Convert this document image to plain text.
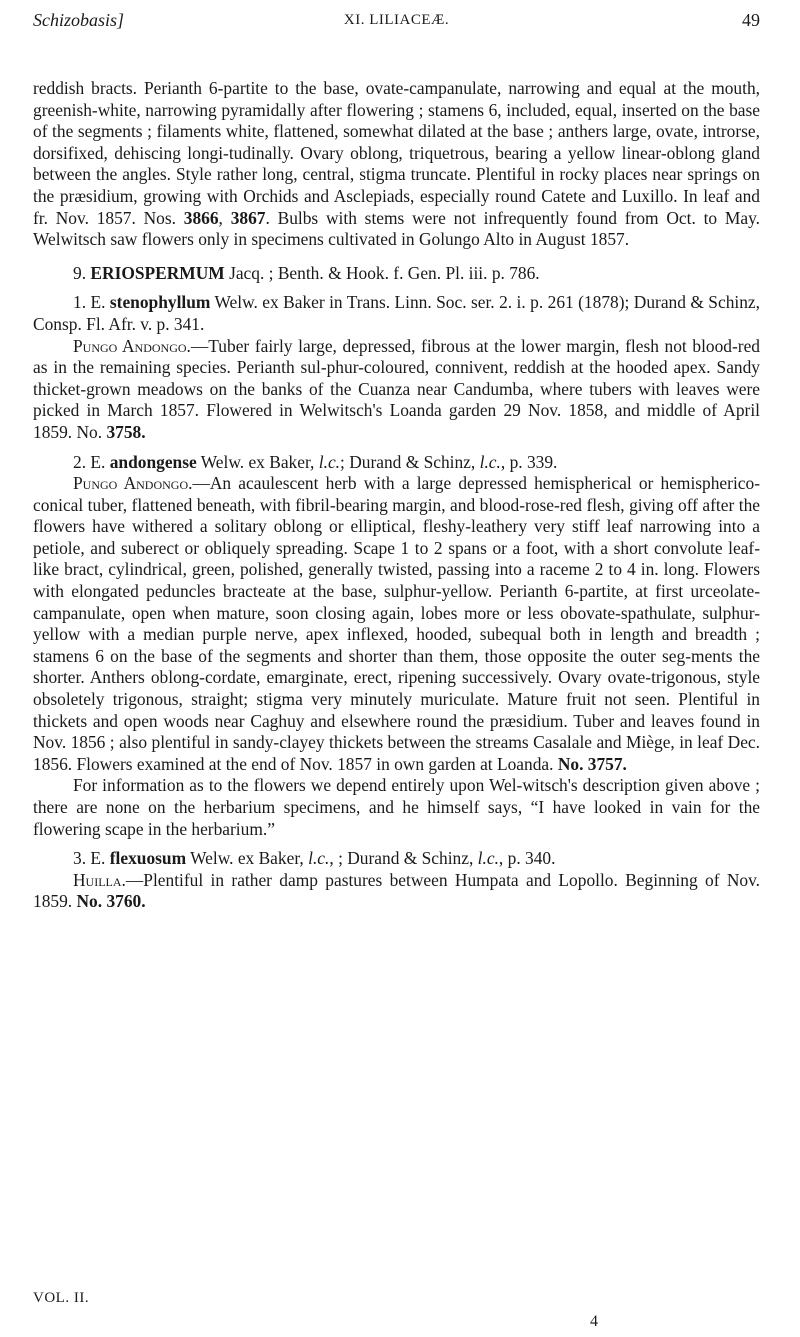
Schizobasis]	XI. LILIACEÆ.	49

reddish bracts. Perianth 6-partite to the base, ovate-campanulate, narrowing and equal at the mouth, greenish-white, narrowing pyramidally after flowering ; stamens 6, included, equal, inserted on the base of the segments ; filaments white, flattened, somewhat dilated at the base ; anthers large, ovate, introrse, dorsifixed, dehiscing longi-tudinally. Ovary oblong, triquetrous, bearing a yellow linear-oblong gland between the angles. Style rather long, central, stigma truncate. Plentiful in rocky places near springs on the præsidium, growing with Orchids and Asclepiads, especially round Catete and Luxillo. In leaf and fr. Nov. 1857. Nos. 3866, 3867. Bulbs with stems were not infrequently found from Oct. to May. Welwitsch saw flowers only in specimens cultivated in Golungo Alto in August 1857.

9. ERIOSPERMUM Jacq. ; Benth. & Hook. f. Gen. Pl. iii. p. 786.

1. E. stenophyllum Welw. ex Baker in Trans. Linn. Soc. ser. 2. i. p. 261 (1878); Durand & Schinz, Consp. Fl. Afr. v. p. 341.

Pungo Andongo.—Tuber fairly large, depressed, fibrous at the lower margin, flesh not blood-red as in the remaining species. Perianth sul-phur-coloured, connivent, reddish at the hooded apex. Sandy thicket-grown meadows on the banks of the Cuanza near Candumba, where tubers with leaves were picked in March 1857. Flowered in Welwitsch's Loanda garden 29 Nov. 1858, and middle of April 1859. No. 3758.

2. E. andongense Welw. ex Baker, l.c.; Durand & Schinz, l.c., p. 339.

Pungo Andongo.—An acaulescent herb with a large depressed hemispherical or hemispherico-conical tuber, flattened beneath, with fibril-bearing margin, and blood-rose-red flesh, giving off after the flowers have withered a solitary oblong or elliptical, fleshy-leathery very stiff leaf narrowing into a petiole, and suberect or obliquely spreading. Scape 1 to 2 spans or a foot, with a short convolute leaf-like bract, cylindrical, green, polished, generally twisted, passing into a raceme 2 to 4 in. long. Flowers with elongated peduncles bracteate at the base, sulphur-yellow. Perianth 6-partite, at first urceolate-campanulate, open when mature, soon closing again, lobes more or less obovate-spathulate, sulphur-yellow with a median purple nerve, apex inflexed, hooded, subequal both in length and breadth ; stamens 6 on the base of the segments and shorter than them, those opposite the outer seg-ments the shorter. Anthers oblong-cordate, emarginate, erect, ripening successively. Ovary ovate-trigonous, style obsoletely trigonous, straight; stigma very minutely muriculate. Mature fruit not seen. Plentiful in thickets and open woods near Caghuy and elsewhere round the præsidium. Tuber and leaves found in Nov. 1856 ; also plentiful in sandy-clayey thickets between the streams Casalale and Miège, in leaf Dec. 1856. Flowers examined at the end of Nov. 1857 in own garden at Loanda. No. 3757.

For information as to the flowers we depend entirely upon Wel-witsch's description given above ; there are none on the herbarium specimens, and he himself says, “I have looked in vain for the flowering scape in the herbarium.”

3. E. flexuosum Welw. ex Baker, l.c., ; Durand & Schinz, l.c., p. 340.

Huilla.—Plentiful in rather damp pastures between Humpata and Lopollo. Beginning of Nov. 1859. No. 3760.

VOL. II.
4
